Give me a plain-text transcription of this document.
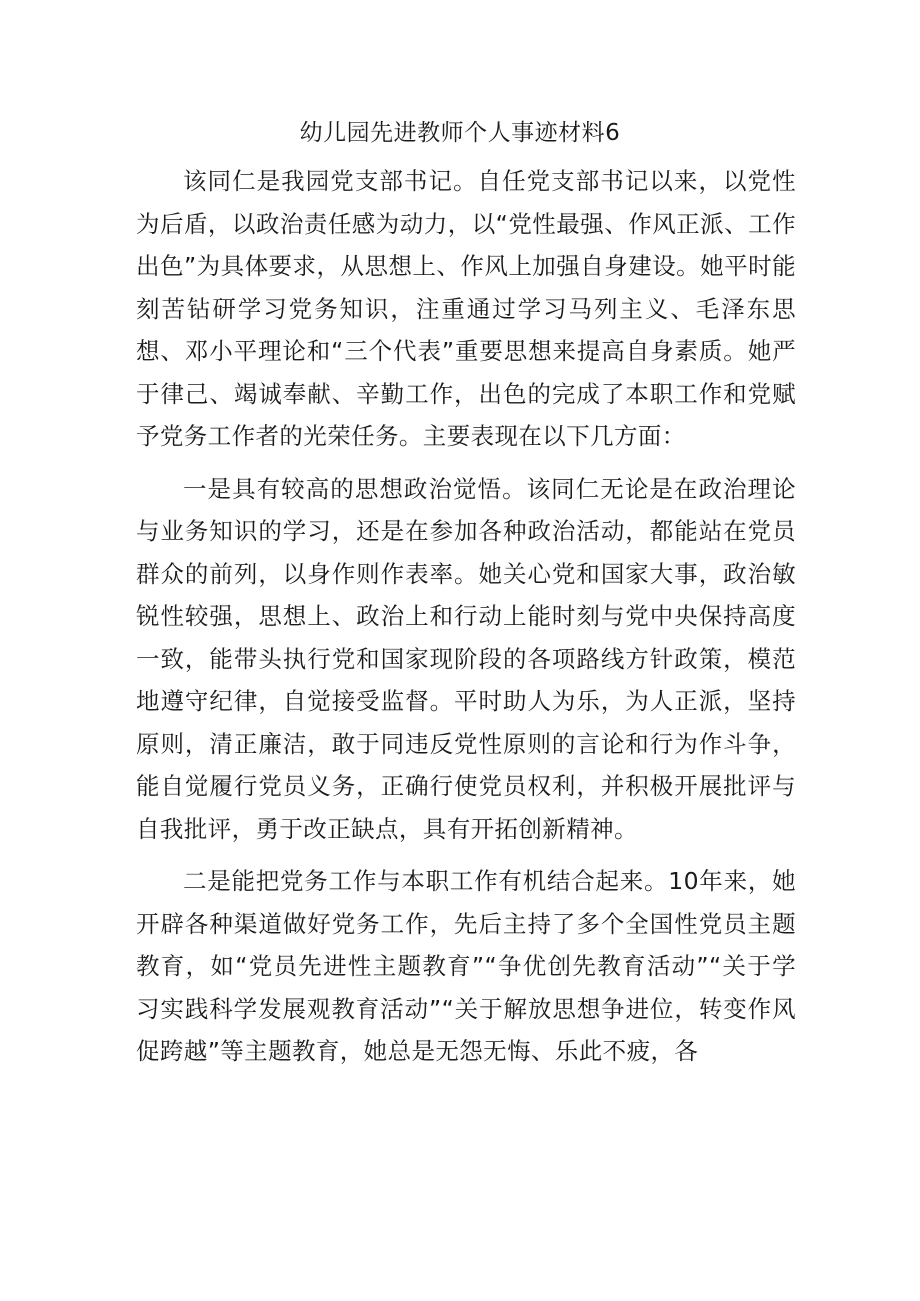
幼儿园先进教师个人事迹材料6

该同仁是我园党支部书记。自任党支部书记以来，以党性为后盾，以政治责任感为动力，以“党性最强、作风正派、工作出色”为具体要求，从思想上、作风上加强自身建设。她平时能刻苦钻研学习党务知识，注重通过学习马列主义、毛泽东思想、邓小平理论和“三个代表”重要思想来提高自身素质。她严于律己、竭诚奉献、辛勤工作，出色的完成了本职工作和党赋予党务工作者的光荣任务。主要表现在以下几方面：

一是具有较高的思想政治觉悟。该同仁无论是在政治理论与业务知识的学习，还是在参加各种政治活动，都能站在党员群众的前列，以身作则作表率。她关心党和国家大事，政治敏锐性较强，思想上、政治上和行动上能时刻与党中央保持高度一致，能带头执行党和国家现阶段的各项路线方针政策，模范地遵守纪律，自觉接受监督。平时助人为乐，为人正派，坚持原则，清正廉洁，敢于同违反党性原则的言论和行为作斗争，能自觉履行党员义务，正确行使党员权利，并积极开展批评与自我批评，勇于改正缺点，具有开拓创新精神。

二是能把党务工作与本职工作有机结合起来。10年来，她开辟各种渠道做好党务工作，先后主持了多个全国性党员主题教育，如“党员先进性主题教育”“争优创先教育活动”“关于学习实践科学发展观教育活动”“关于解放思想争进位，转变作风促跨越”等主题教育，她总是无怨无悔、乐此不疲，各
